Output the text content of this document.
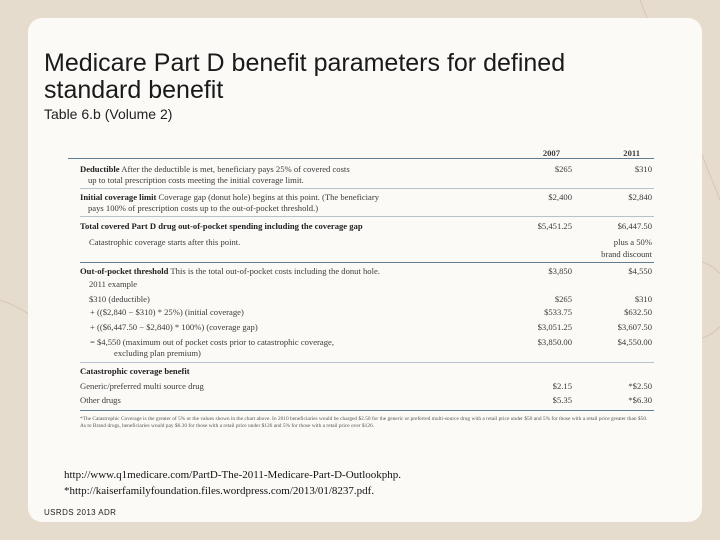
Medicare Part D benefit parameters for defined standard benefit
Table 6.b (Volume 2)
2007	2011
Deductible After the deductible is met, beneficiary pays 25% of covered costs
up to total prescription costs meeting the initial coverage limit.
$265	$310
Initial coverage limit Coverage gap (donut hole) begins at this point. (The beneficiary
pays 100% of prescription costs up to the out-of-pocket threshold.)
$2,400	$2,840
Total covered Part D drug out-of-pocket spending including the coverage gap	$5,451.25	$6,447.50
Catastrophic coverage starts after this point.	plus a 50%
brand discount
Out-of-pocket threshold This is the total out-of-pocket costs including the donut hole.	$3,850	$4,550
2011 example
$310 (deductible)	$265	$310
+ (($2,840 − $310) * 25%) (initial coverage)	$533.75	$632.50
+ (($6,447.50 − $2,840) * 100%) (coverage gap)	$3,051.25	$3,607.50
= $4,550 (maximum out of pocket costs prior to catastrophic coverage,
excluding plan premium)
$3,850.00	$4,550.00
Catastrophic coverage benefit
Generic/preferred multi source drug	$2.15	*$2.50
Other drugs	$5.35	*$6.30
*The Catastrophic Coverage is the greater of 5% or the values shown in the chart above. In 2010 beneficiaries would be charged $2.50 for the generic or preferred multi-source drug with a retail price under $50 and 5% for those with a retail price greater than $50. As to Brand drugs, beneficiaries would pay $6.30 for those with a retail price under $126 and 5% for those with a retail price over $126.
http://www.q1medicare.com/PartD-The-2011-Medicare-Part-D-Outlookphp.
*http://kaiserfamilyfoundation.files.wordpress.com/2013/01/8237.pdf.
USRDS 2013 ADR
